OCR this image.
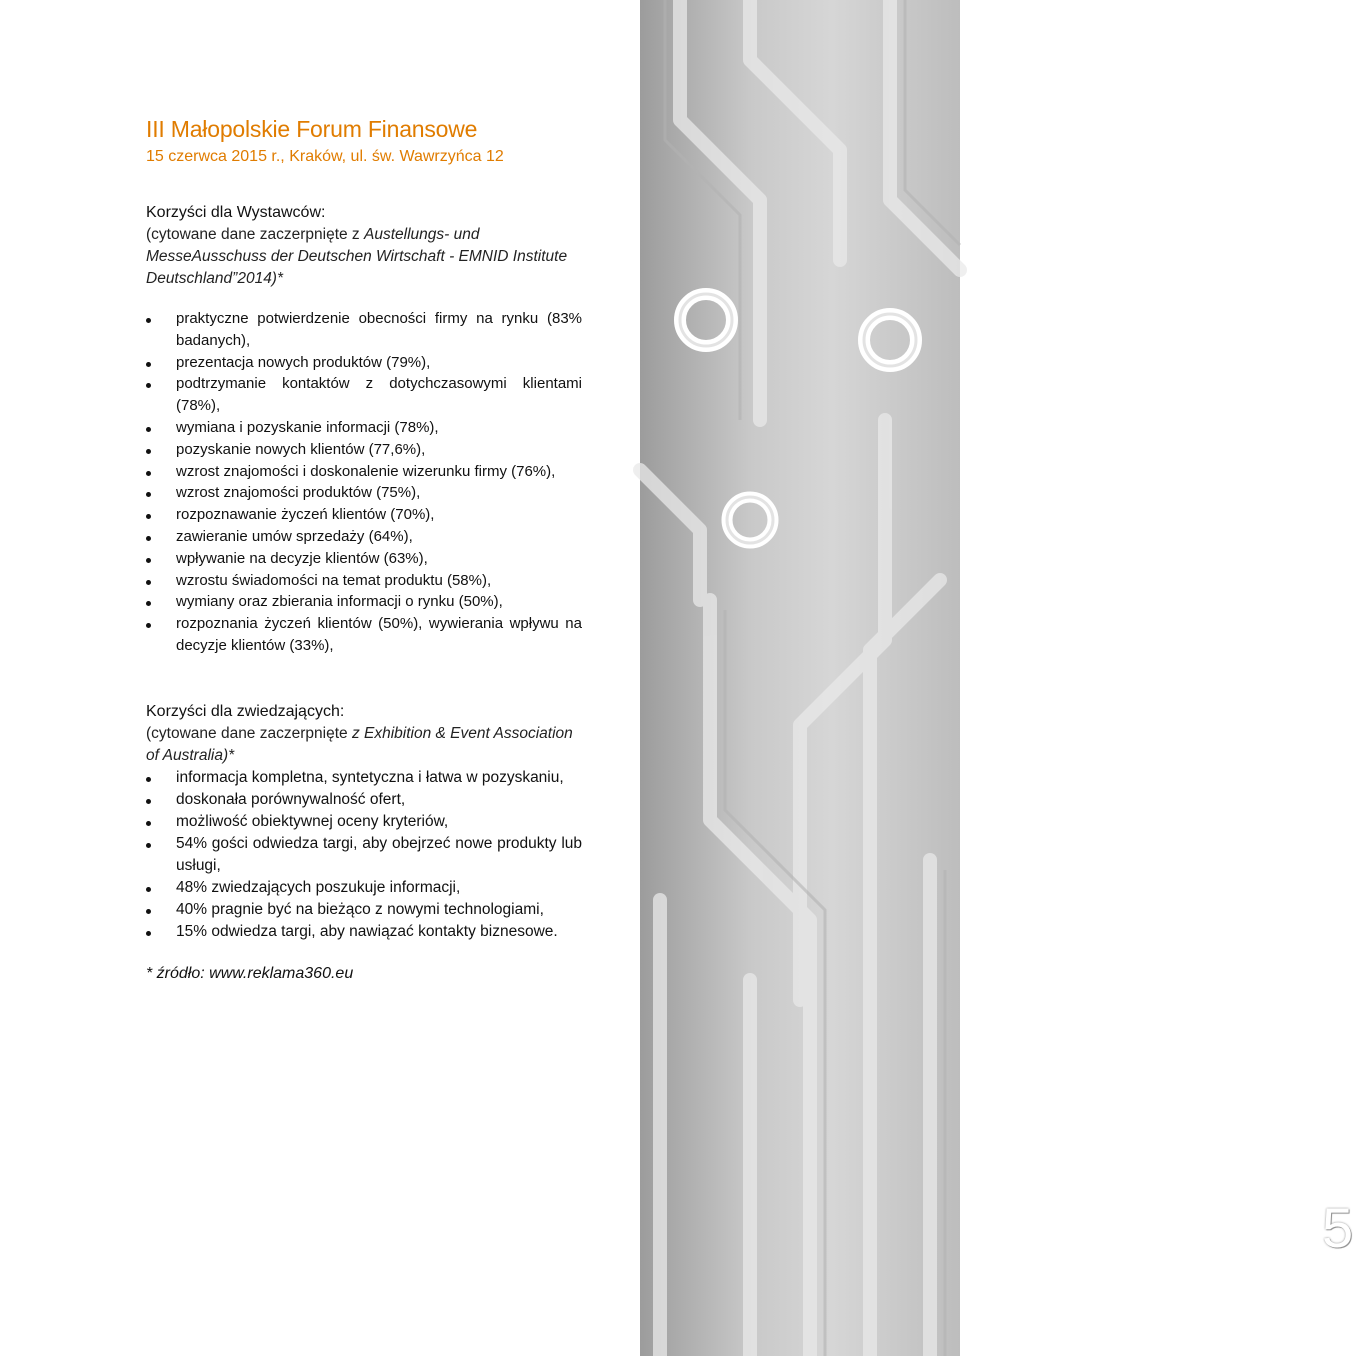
5
III Małopolskie Forum Finansowe

15 czerwca 2015 r., Kraków, ul. św. Wawrzyńca 12

Korzyści dla Wystawców:

(cytowane dane zaczerpnięte z Austellungs- und MesseAusschuss der Deutschen Wirtschaft - EMNID Institute Deutschland”2014)*

praktyczne potwierdzenie obecności firmy na rynku (83% badanych),
prezentacja nowych produktów (79%),
podtrzymanie kontaktów z dotychczasowymi klientami (78%),
wymiana i pozyskanie informacji (78%),
pozyskanie nowych klientów (77,6%),
wzrost znajomości i doskonalenie wizerunku firmy (76%),
wzrost znajomości produktów (75%),
rozpoznawanie życzeń klientów (70%),
zawieranie umów sprzedaży (64%),
wpływanie na decyzje klientów (63%),
wzrostu świadomości na temat produktu (58%),
wymiany oraz zbierania informacji o rynku (50%),
rozpoznania życzeń klientów (50%), wywierania wpływu na decyzje klientów (33%),

Korzyści dla zwiedzających:

(cytowane dane zaczerpnięte z Exhibition & Event Association of Australia)*

informacja kompletna, syntetyczna i łatwa w pozyskaniu,
doskonała porównywalność ofert,
możliwość obiektywnej oceny kryteriów,
54% gości odwiedza targi, aby obejrzeć nowe produkty lub usługi,
48% zwiedzających poszukuje informacji,
40% pragnie być na bieżąco z nowymi technologiami,
15% odwiedza targi, aby nawiązać kontakty biznesowe.

* źródło: www.reklama360.eu
